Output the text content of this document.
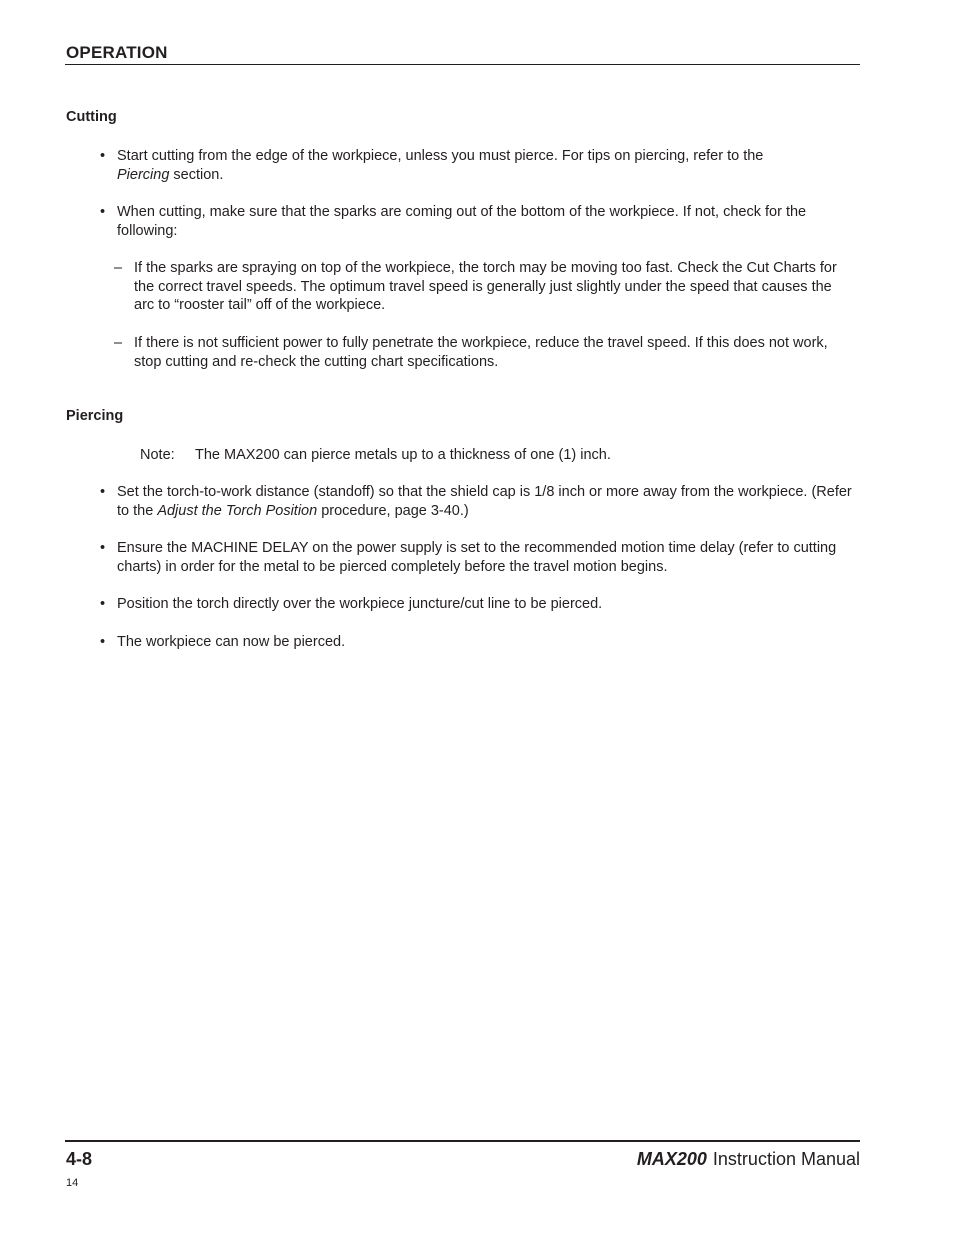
OPERATION
Cutting
• Start cutting from the edge of the workpiece, unless you must pierce. For tips on piercing, refer to the
Piercing section.
• When cutting, make sure that the sparks are coming out of the bottom of the workpiece. If not, check for the following:
– If the sparks are spraying on top of the workpiece, the torch may be moving too fast. Check the Cut Charts for the correct travel speeds. The optimum travel speed is generally just slightly under the speed that causes the arc to “rooster tail” off of the workpiece.
– If there is not sufficient power to fully penetrate the workpiece, reduce the travel speed. If this does not work, stop cutting and re-check the cutting chart specifications.
Piercing
Note: The MAX200 can pierce metals up to a thickness of one (1) inch.
• Set the torch-to-work distance (standoff) so that the shield cap is 1/8 inch or more away from the workpiece. (Refer to the Adjust the Torch Position procedure, page 3-40.)
• Ensure the MACHINE DELAY on the power supply is set to the recommended motion time delay (refer to cutting charts) in order for the metal to be pierced completely before the travel motion begins.
• Position the torch directly over the workpiece juncture/cut line to be pierced.
• The workpiece can now be pierced.
4-8	MAX200 Instruction Manual
14
